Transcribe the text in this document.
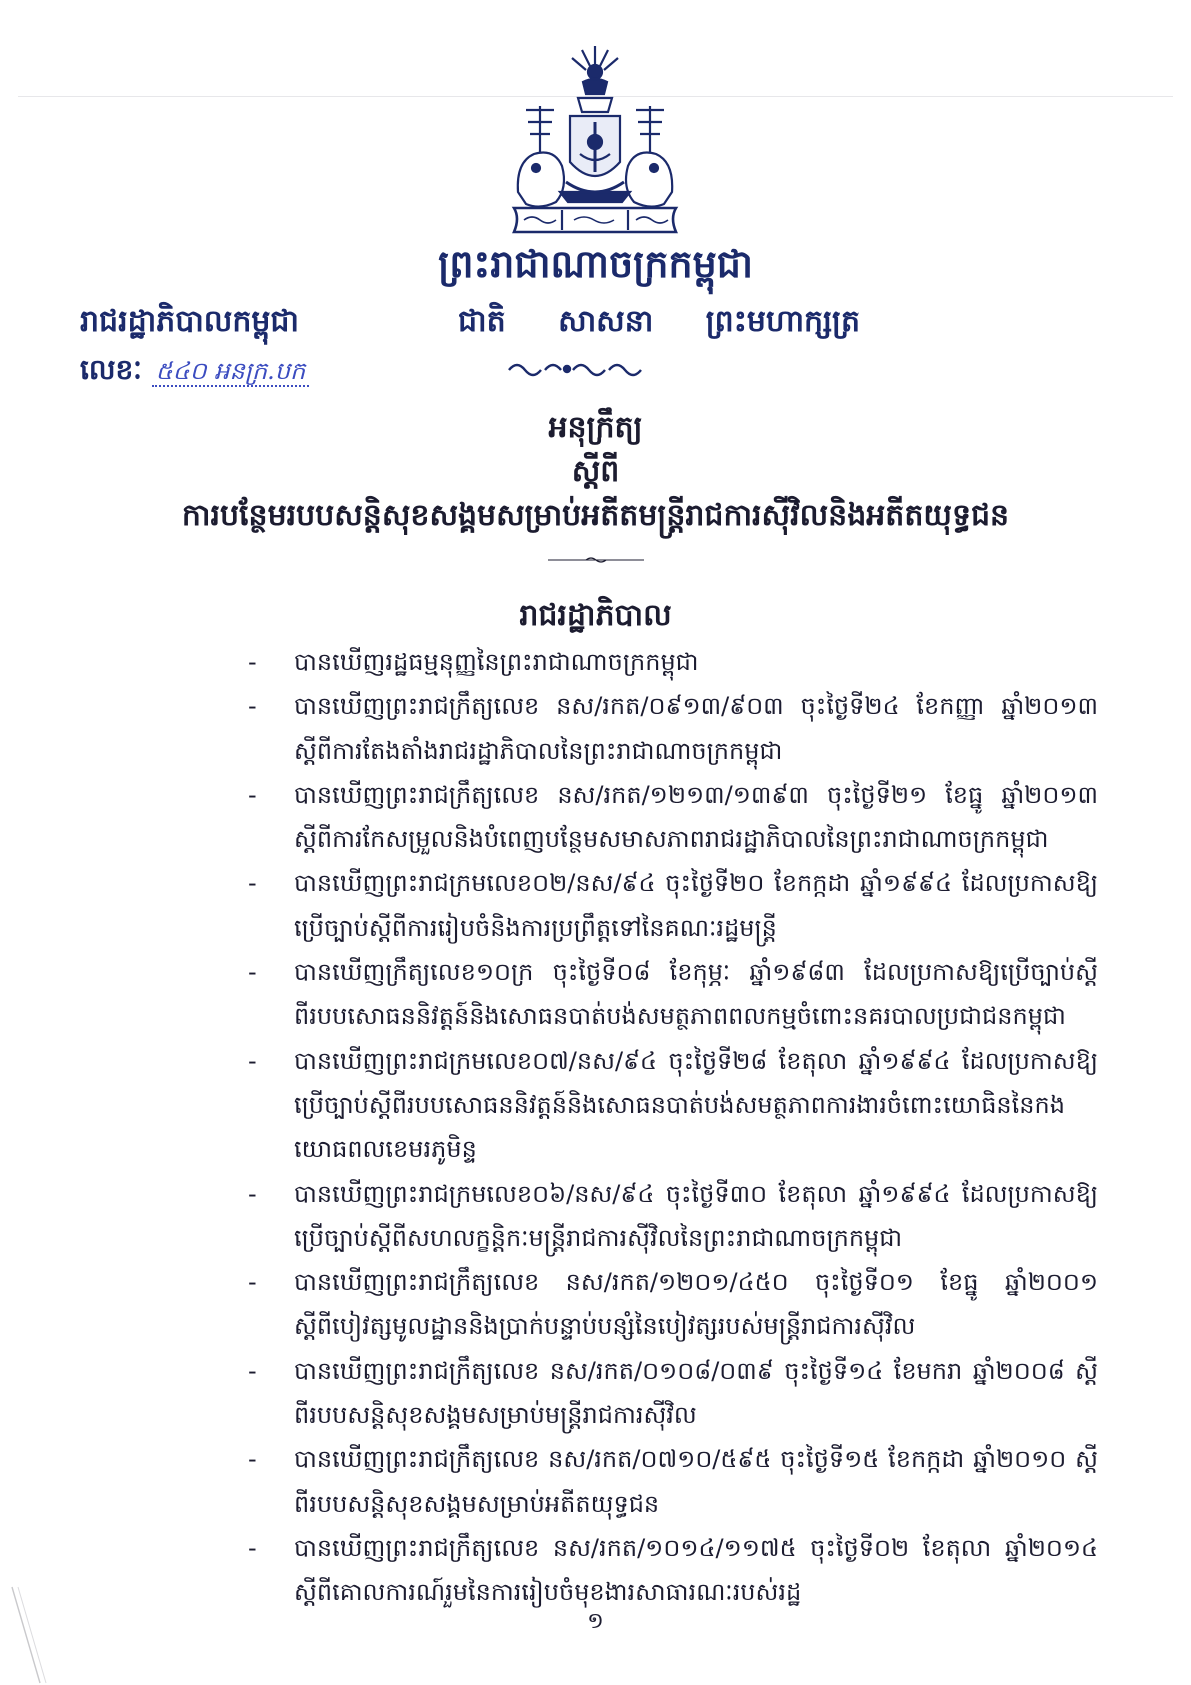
ព្រះរាជាណាចក្រកម្ពុជា
រាជរដ្ឋាភិបាលកម្ពុជា	ជាតិ សាសនា ព្រះមហាក្សត្រ
លេខៈ ៥៤០ អនក្រ.បក
អនុក្រឹត្យ
ស្តីពី
ការបន្ថែមរបបសន្តិសុខសង្គមសម្រាប់អតីតមន្ត្រីរាជការស៊ីវិលនិងអតីតយុទ្ធជន
រាជរដ្ឋាភិបាល
- បានឃើញរដ្ឋធម្មនុញ្ញនៃព្រះរាជាណាចក្រកម្ពុជា
- បានឃើញព្រះរាជក្រឹត្យលេខ នស/រកត/០៩១៣/៩០៣ ចុះថ្ងៃទី២៤ ខែកញ្ញា ឆ្នាំ២០១៣ ស្តីពីការតែងតាំងរាជរដ្ឋាភិបាលនៃព្រះរាជាណាចក្រកម្ពុជា
- បានឃើញព្រះរាជក្រឹត្យលេខ នស/រកត/១២១៣/១៣៩៣ ចុះថ្ងៃទី២១ ខែធ្នូ ឆ្នាំ២០១៣ ស្តីពីការកែសម្រួលនិងបំពេញបន្ថែមសមាសភាពរាជរដ្ឋាភិបាលនៃព្រះរាជាណាចក្រកម្ពុជា
- បានឃើញព្រះរាជក្រមលេខ០២/នស/៩៤ ចុះថ្ងៃទី២០ ខែកក្កដា ឆ្នាំ១៩៩៤ ដែលប្រកាសឱ្យប្រើច្បាប់ស្តីពីការរៀបចំនិងការប្រព្រឹត្តទៅនៃគណៈរដ្ឋមន្ត្រី
- បានឃើញក្រឹត្យលេខ១០ក្រ ចុះថ្ងៃទី០៨ ខែកុម្ភៈ ឆ្នាំ១៩៨៣ ដែលប្រកាសឱ្យប្រើច្បាប់ស្តីពីរបបសោធននិវត្តន៍និងសោធនបាត់បង់សមត្ថភាពពលកម្មចំពោះនគរបាលប្រជាជនកម្ពុជា
- បានឃើញព្រះរាជក្រមលេខ០៧/នស/៩៤ ចុះថ្ងៃទី២៨ ខែតុលា ឆ្នាំ១៩៩៤ ដែលប្រកាសឱ្យប្រើច្បាប់ស្តីពីរបបសោធននិវត្តន៍និងសោធនបាត់បង់សមត្ថភាពការងារចំពោះយោធិននៃកងយោធពលខេមរភូមិន្ទ
- បានឃើញព្រះរាជក្រមលេខ០៦/នស/៩៤ ចុះថ្ងៃទី៣០ ខែតុលា ឆ្នាំ១៩៩៤ ដែលប្រកាសឱ្យប្រើច្បាប់ស្តីពីសហលក្ខន្តិកៈមន្ត្រីរាជការស៊ីវិលនៃព្រះរាជាណាចក្រកម្ពុជា
- បានឃើញព្រះរាជក្រឹត្យលេខ នស/រកត/១២០១/៤៥០ ចុះថ្ងៃទី០១ ខែធ្នូ ឆ្នាំ២០០១ ស្តីពីបៀវត្សមូលដ្ឋាននិងប្រាក់បន្ទាប់បន្សំនៃបៀវត្សរបស់មន្ត្រីរាជការស៊ីវិល
- បានឃើញព្រះរាជក្រឹត្យលេខ នស/រកត/០១០៨/០៣៩ ចុះថ្ងៃទី១៤ ខែមករា ឆ្នាំ២០០៨ ស្តីពីរបបសន្តិសុខសង្គមសម្រាប់មន្ត្រីរាជការស៊ីវិល
- បានឃើញព្រះរាជក្រឹត្យលេខ នស/រកត/០៧១០/៥៩៥ ចុះថ្ងៃទី១៥ ខែកក្កដា ឆ្នាំ២០១០ ស្តីពីរបបសន្តិសុខសង្គមសម្រាប់អតីតយុទ្ធជន
- បានឃើញព្រះរាជក្រឹត្យលេខ នស/រកត/១០១៤/១១៧៥ ចុះថ្ងៃទី០២ ខែតុលា ឆ្នាំ២០១៤ ស្តីពីគោលការណ៍រួមនៃការរៀបចំមុខងារសាធារណៈរបស់រដ្ឋ
១
